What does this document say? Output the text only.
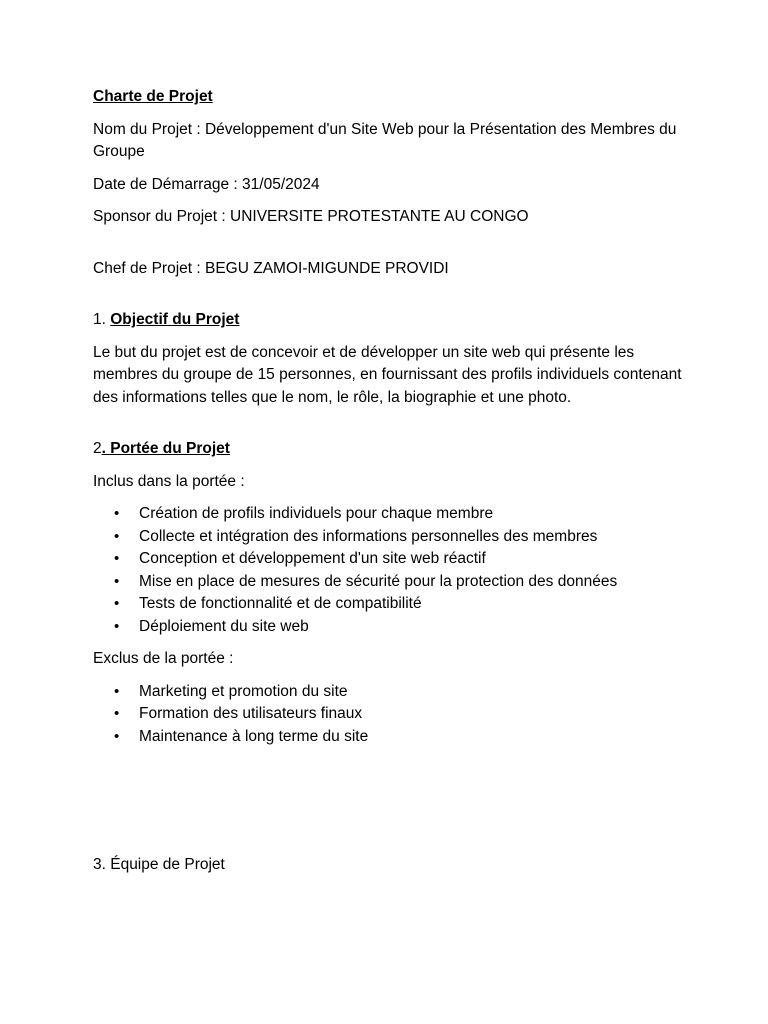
Charte de Projet

Nom du Projet : Développement d'un Site Web pour la Présentation des Membres du Groupe

Date de Démarrage : 31/05/2024

Sponsor du Projet : UNIVERSITE PROTESTANTE AU CONGO

Chef de Projet : BEGU ZAMOI-MIGUNDE PROVIDI

1. Objectif du Projet

Le but du projet est de concevoir et de développer un site web qui présente les membres du groupe de 15 personnes, en fournissant des profils individuels contenant des informations telles que le nom, le rôle, la biographie et une photo.

2. Portée du Projet

Inclus dans la portée :

• Création de profils individuels pour chaque membre
• Collecte et intégration des informations personnelles des membres
• Conception et développement d'un site web réactif
• Mise en place de mesures de sécurité pour la protection des données
• Tests de fonctionnalité et de compatibilité
• Déploiement du site web

Exclus de la portée :

• Marketing et promotion du site
• Formation des utilisateurs finaux
• Maintenance à long terme du site

3. Équipe de Projet
